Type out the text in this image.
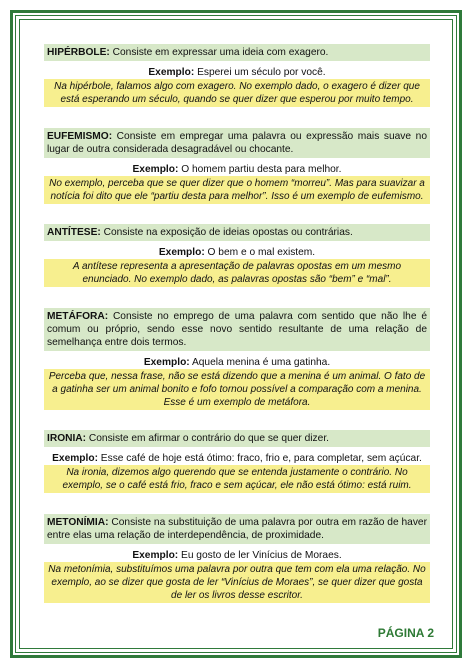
HIPÉRBOLE: Consiste em expressar uma ideia com exagero.
Exemplo: Esperei um século por você.
Na hipérbole, falamos algo com exagero. No exemplo dado, o exagero é dizer que está esperando um século, quando se quer dizer que esperou por muito tempo.
EUFEMISMO: Consiste em empregar uma palavra ou expressão mais suave no lugar de outra considerada desagradável ou chocante.
Exemplo: O homem partiu desta para melhor.
No exemplo, perceba que se quer dizer que o homem “morreu”. Mas para suavizar a notícia foi dito que ele “partiu desta para melhor”. Isso é um exemplo de eufemismo.
ANTÍTESE: Consiste na exposição de ideias opostas ou contrárias.
Exemplo: O bem e o mal existem.
A antítese representa a apresentação de palavras opostas em um mesmo enunciado. No exemplo dado, as palavras opostas são “bem” e “mal”.
METÁFORA: Consiste no emprego de uma palavra com sentido que não lhe é comum ou próprio, sendo esse novo sentido resultante de uma relação de semelhança entre dois termos.
Exemplo: Aquela menina é uma gatinha.
Perceba que, nessa frase, não se está dizendo que a menina é um animal. O fato de a gatinha ser um animal bonito e fofo tornou possível a comparação com a menina. Esse é um exemplo de metáfora.
IRONIA: Consiste em afirmar o contrário do que se quer dizer.
Exemplo: Esse café de hoje está ótimo: fraco, frio e, para completar, sem açúcar.
Na ironia, dizemos algo querendo que se entenda justamente o contrário. No exemplo, se o café está frio, fraco e sem açúcar, ele não está ótimo: está ruim.
METONÍMIA: Consiste na substituição de uma palavra por outra em razão de haver entre elas uma relação de interdependência, de proximidade.
Exemplo: Eu gosto de ler Vinícius de Moraes.
Na metonímia, substituímos uma palavra por outra que tem com ela uma relação. No exemplo, ao se dizer que gosta de ler “Vinícius de Moraes”, se quer dizer que gosta de ler os livros desse escritor.
PÁGINA 2
